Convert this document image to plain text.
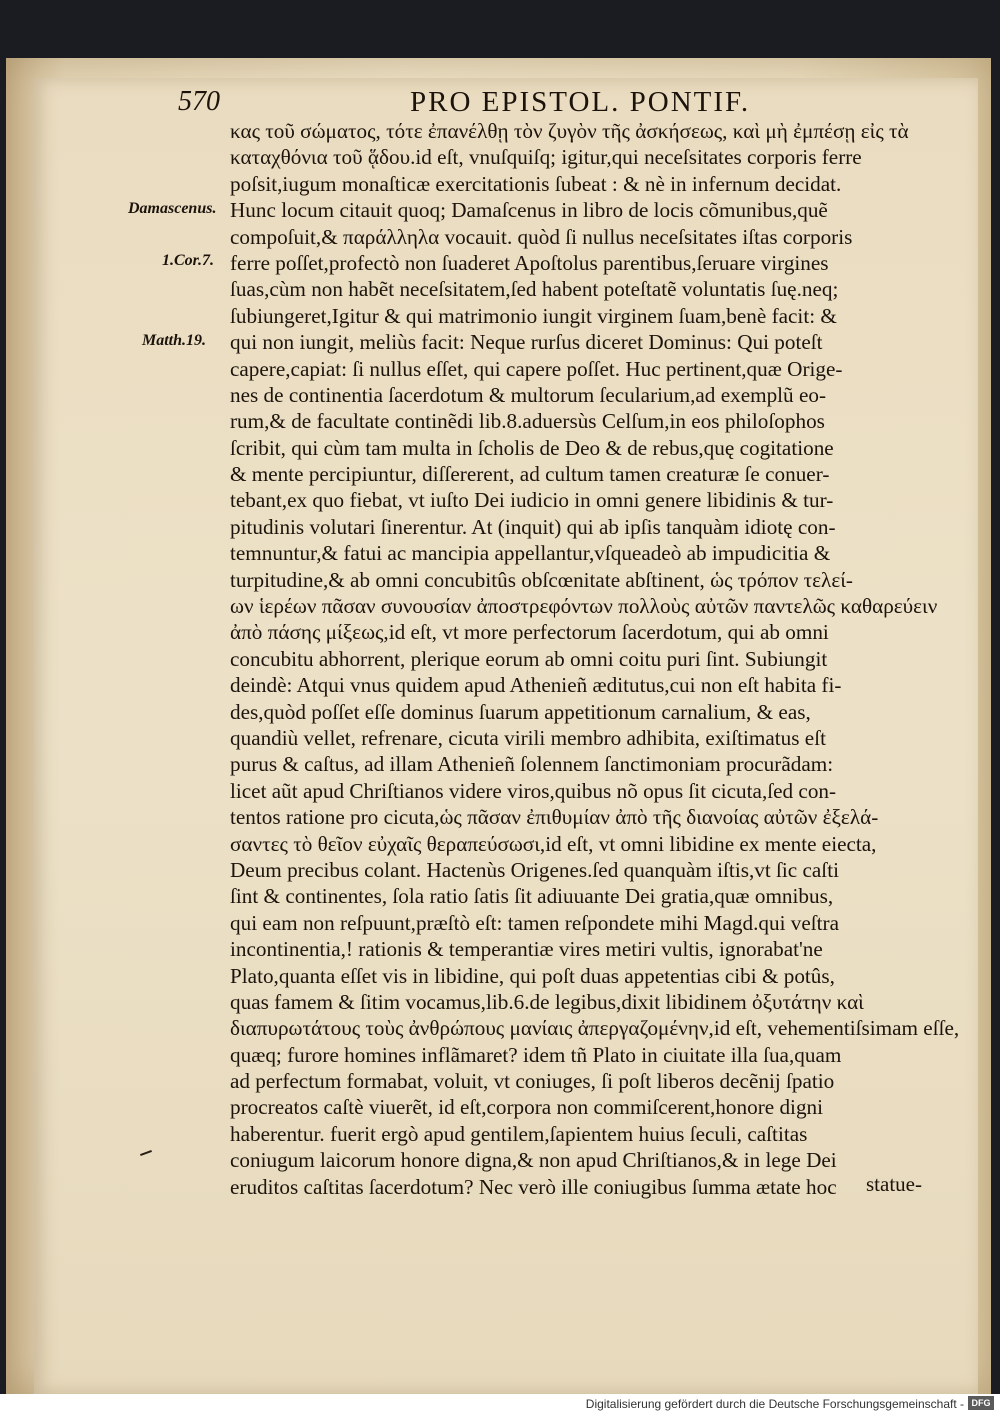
570	PRO EPISTOL. PONTIF.
Damascenus.
1.Cor.7.
Matth.19.
κας τοῦ σώματος, τότε ἐπανέλθῃ τὸν ζυγὸν τῆς ἀσκήσεως, καὶ μὴ ἐμπέσῃ εἰς τὰ
καταχθόνια τοῦ ᾅδου.id eſt, vnuſquiſq; igitur,qui neceſsitates corporis ferre
poſsit,iugum monaſticæ exercitationis ſubeat : & nè in infernum decidat.
Hunc locum citauit quoq; Damaſcenus in libro de locis cõmunibus,quẽ
compoſuit,& παράλληλα vocauit. quòd ſi nullus neceſsitates iſtas corporis
ferre poſſet,profectò non ſuaderet Apoſtolus parentibus,ſeruare virgines
ſuas,cùm non habẽt neceſsitatem,ſed habent poteſtatẽ voluntatis ſuę.neq;
ſubiungeret,Igitur & qui matrimonio iungit virginem ſuam,benè facit: &
qui non iungit, meliùs facit: Neque rurſus diceret Dominus: Qui poteſt
capere,capiat: ſi nullus eſſet, qui capere poſſet. Huc pertinent,quæ Orige-
nes de continentia ſacerdotum & multorum ſecularium,ad exemplũ eo-
rum,& de facultate continẽdi lib.8.aduersùs Celſum,in eos philoſophos
ſcribit, qui cùm tam multa in ſcholis de Deo & de rebus,quę cogitatione
& mente percipiuntur, diſſererent, ad cultum tamen creaturæ ſe conuer-
tebant,ex quo fiebat, vt iuſto Dei iudicio in omni genere libidinis & tur-
pitudinis volutari ſinerentur. At (inquit) qui ab ipſis tanquàm idiotę con-
temnuntur,& fatui ac mancipia appellantur,vſqueadeò ab impudicitia &
turpitudine,& ab omni concubitûs obſcœnitate abſtinent, ὡς τρόπον τελεί-
ων ἱερέων πᾶσαν συνουσίαν ἀποστρεφόντων πολλοὺς αὐτῶν παντελῶς καθαρεύειν
ἀπὸ πάσης μίξεως,id eſt, vt more perfectorum ſacerdotum, qui ab omni
concubitu abhorrent, plerique eorum ab omni coitu puri ſint. Subiungit
deindè: Atqui vnus quidem apud Athenieñ æditutus,cui non eſt habita fi-
des,quòd poſſet eſſe dominus ſuarum appetitionum carnalium, & eas,
quandiù vellet, refrenare, cicuta virili membro adhibita, exiſtimatus eſt
purus & caſtus, ad illam Athenieñ ſolennem ſanctimoniam procurãdam:
licet aũt apud Chriſtianos videre viros,quibus nõ opus ſit cicuta,ſed con-
tentos ratione pro cicuta,ὡς πᾶσαν ἐπιθυμίαν ἀπὸ τῆς διανοίας αὐτῶν ἐξελά-
σαντες τὸ θεῖον εὐχαῖς θεραπεύσωσι,id eſt, vt omni libidine ex mente eiecta,
Deum precibus colant. Hactenùs Origenes.ſed quanquàm iſtis,vt ſic caſti
ſint & continentes, ſola ratio ſatis ſit adiuuante Dei gratia,quæ omnibus,
qui eam non reſpuunt,præſtò eſt: tamen reſpondete mihi Magd.qui veſtra
incontinentia,! rationis & temperantiæ vires metiri vultis, ignorabat'ne
Plato,quanta eſſet vis in libidine, qui poſt duas appetentias cibi & potûs,
quas famem & ſitim vocamus,lib.6.de legibus,dixit libidinem ὀξυτάτην καὶ
διαπυρωτάτους τοὺς ἀνθρώπους μανίαις ἀπεργαζομένην,id eſt, vehementiſsimam eſſe,
quæq; furore homines inflãmaret? idem tñ Plato in ciuitate illa ſua,quam
ad perfectum formabat, voluit, vt coniuges, ſi poſt liberos decẽnij ſpatio
procreatos caſtè viuerẽt, id eſt,corpora non commiſcerent,honore digni
haberentur. fuerit ergò apud gentilem,ſapientem huius ſeculi, caſtitas
coniugum laicorum honore digna,& non apud Chriſtianos,& in lege Dei
eruditos caſtitas ſacerdotum? Nec verò ille coniugibus ſumma ætate hoc	statue-
Digitalisierung gefördert durch die Deutsche Forschungsgemeinschaft - DFG
